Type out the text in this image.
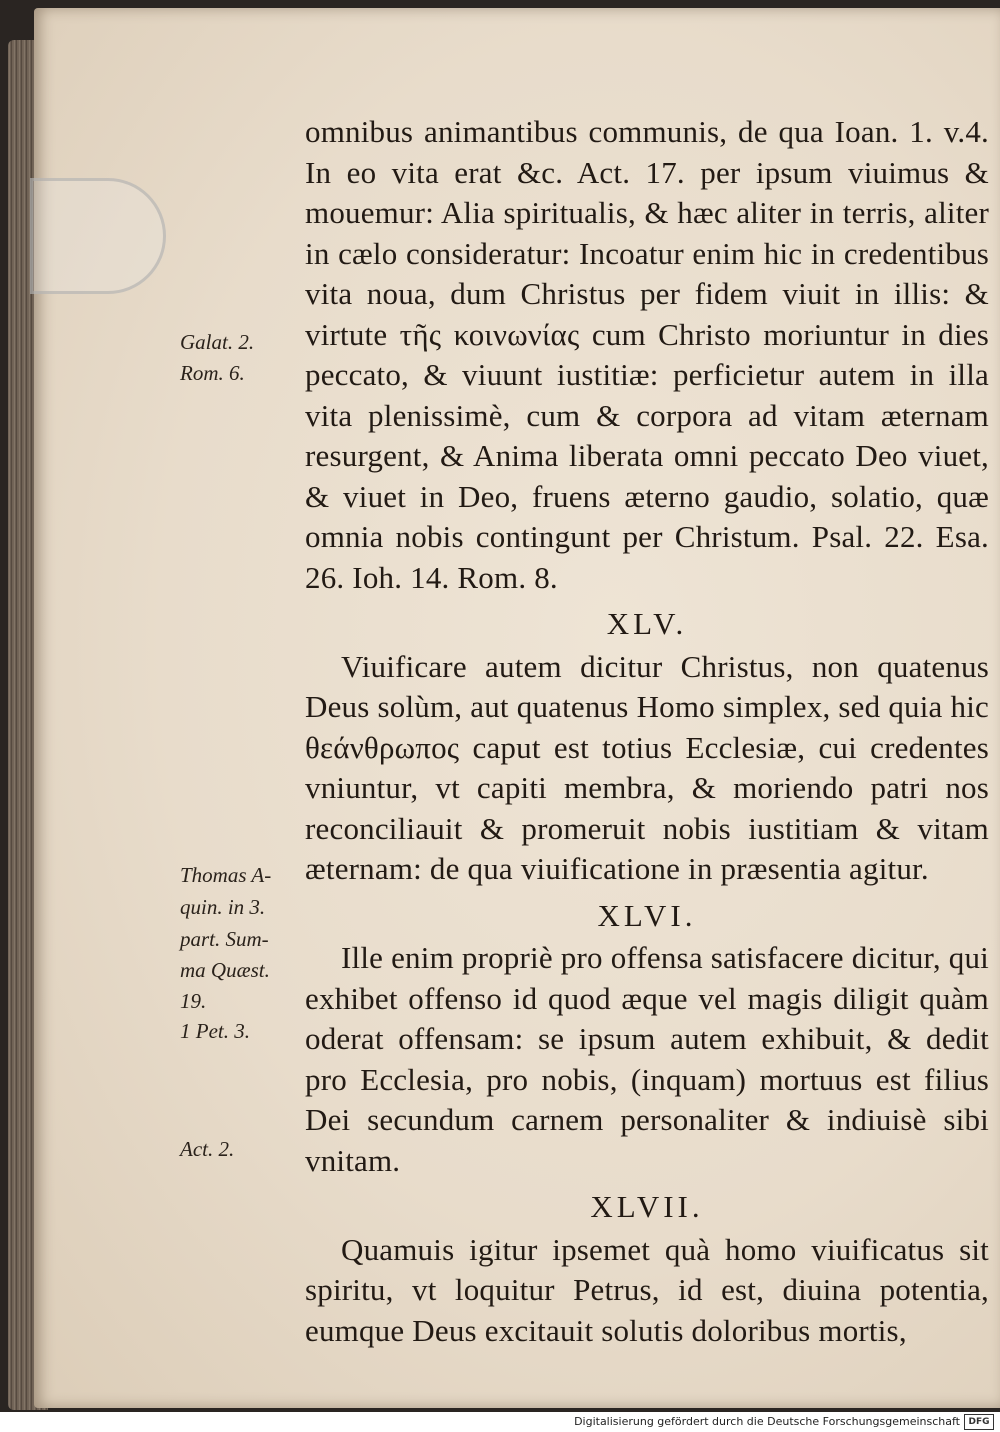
Galat. 2.
Rom. 6.
Thomas A-
quin. in 3.
part. Sum-
ma Quæst.
19.
1 Pet. 3.
Act. 2.

omnibus animantibus communis, de qua Ioan. 1. v.4. In eo vita erat &c. Act. 17. per ipsum viuimus & mouemur: Alia spiritualis, & hæc aliter in terris, aliter in cælo consideratur: Incoatur enim hic in credentibus vita noua, dum Christus per fidem viuit in illis: & virtute τῆς κοινωνίας cum Christo moriuntur in dies peccato, & viuunt iustitiæ: perficietur autem in illa vita plenissimè, cum & corpora ad vitam æternam resurgent, & Anima liberata omni peccato Deo viuet, & viuet in Deo, fruens æterno gaudio, solatio, quæ omnia nobis contingunt per Christum. Psal. 22. Esa. 26. Ioh. 14. Rom. 8.

XLV.

Viuificare autem dicitur Christus, non quatenus Deus solùm, aut quatenus Homo simplex, sed quia hic θεάνθρωπος caput est totius Ecclesiæ, cui credentes vniuntur, vt capiti membra, & moriendo patri nos reconciliauit & promeruit nobis iustitiam & vitam æternam: de qua viuificatione in præsentia agitur.

XLVI.

Ille enim propriè pro offensa satisfacere dicitur, qui exhibet offenso id quod æque vel magis diligit quàm oderat offensam: se ipsum autem exhibuit, & dedit pro Ecclesia, pro nobis, (inquam) mortuus est filius Dei secundum carnem personaliter & indiuisè sibi vnitam.

XLVII.

Quamuis igitur ipsemet quà homo viuificatus sit spiritu, vt loquitur Petrus, id est, diuina potentia, eumque Deus excitauit solutis doloribus mortis,

Digitalisierung gefördert durch die Deutsche Forschungsgemeinschaft DFG
